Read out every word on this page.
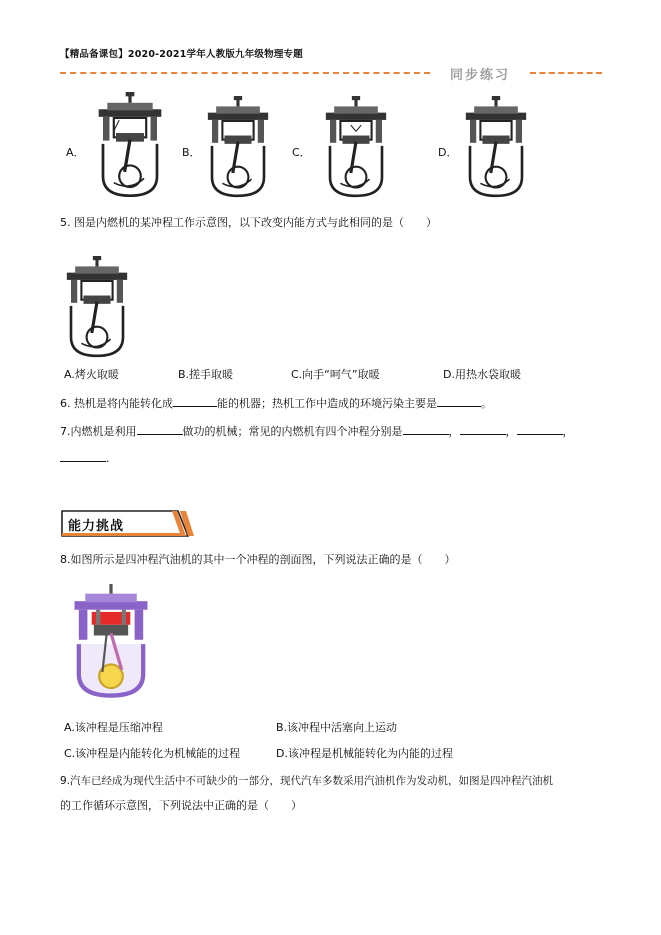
【精品备课包】2020-2021学年人教版九年级物理专题
同步练习
A．	B．	C．	D．
5. 图是内燃机的某冲程工作示意图，以下改变内能方式与此相同的是（　　）
A.烤火取暖	B.搓手取暖	C.向手“呵气”取暖	D.用热水袋取暖
6. 热机是将内能转化成	能的机器；热机工作中造成的环境污染主要是	。
7.内燃机是利用	做功的机械；常见的内燃机有四个冲程分别是	，	，	，
.
能力挑战
8.如图所示是四冲程汽油机的其中一个冲程的剖面图，下列说法正确的是（　　）
A.该冲程是压缩冲程	B.该冲程中活塞向上运动
C.该冲程是内能转化为机械能的过程	D.该冲程是机械能转化为内能的过程
9.汽车已经成为现代生活中不可缺少的一部分，现代汽车多数采用汽油机作为发动机，如图是四冲程汽油机
的工作循环示意图，下列说法中正确的是（　　）
